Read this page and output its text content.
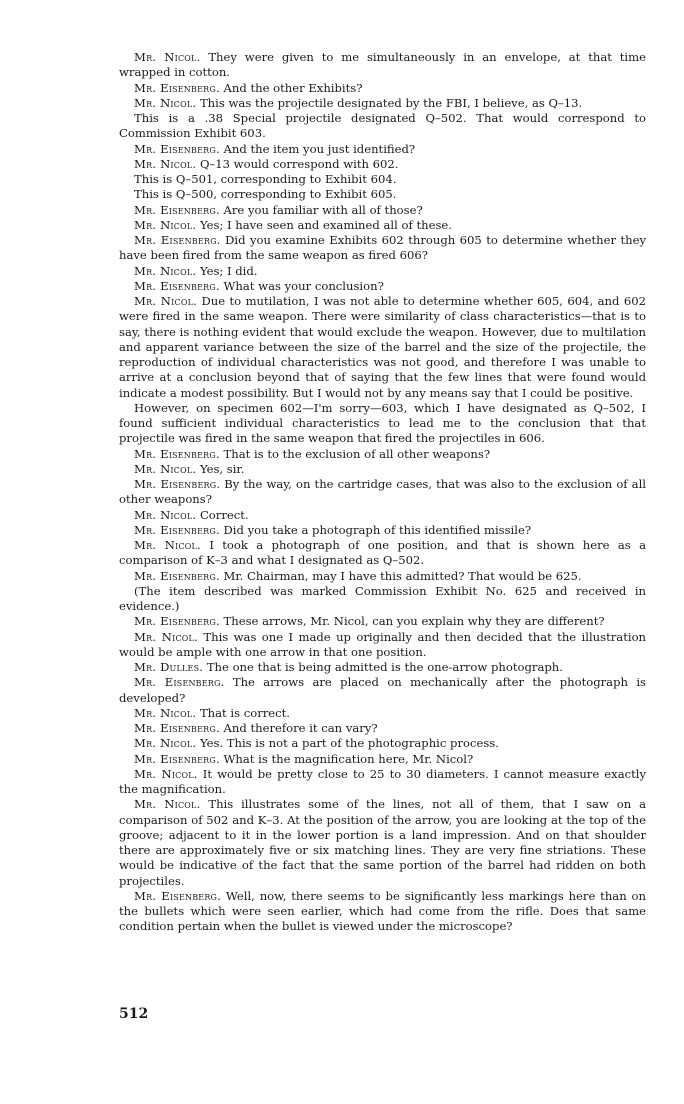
Mr. Nicol. They were given to me simultaneously in an envelope, at that time wrapped in cotton.

Mr. Eisenberg. And the other Exhibits?

Mr. Nicol. This was the projectile designated by the FBI, I believe, as Q–13.

This is a .38 Special projectile designated Q–502. That would correspond to Commission Exhibit 603.

Mr. Eisenberg. And the item you just identified?

Mr. Nicol. Q–13 would correspond with 602.

This is Q–501, corresponding to Exhibit 604.

This is Q–500, corresponding to Exhibit 605.

Mr. Eisenberg. Are you familiar with all of those?

Mr. Nicol. Yes; I have seen and examined all of these.

Mr. Eisenberg. Did you examine Exhibits 602 through 605 to determine whether they have been fired from the same weapon as fired 606?

Mr. Nicol. Yes; I did.

Mr. Eisenberg. What was your conclusion?

Mr. Nicol. Due to mutilation, I was not able to determine whether 605, 604, and 602 were fired in the same weapon. There were similarity of class characteristics—that is to say, there is nothing evident that would exclude the weapon. However, due to multilation and apparent variance between the size of the barrel and the size of the projectile, the reproduction of individual characteristics was not good, and therefore I was unable to arrive at a conclusion beyond that of saying that the few lines that were found would indicate a modest possibility. But I would not by any means say that I could be positive.

However, on specimen 602—I'm sorry—603, which I have designated as Q–502, I found sufficient individual characteristics to lead me to the conclusion that that projectile was fired in the same weapon that fired the projectiles in 606.

Mr. Eisenberg. That is to the exclusion of all other weapons?

Mr. Nicol. Yes, sir.

Mr. Eisenberg. By the way, on the cartridge cases, that was also to the exclusion of all other weapons?

Mr. Nicol. Correct.

Mr. Eisenberg. Did you take a photograph of this identified missile?

Mr. Nicol. I took a photograph of one position, and that is shown here as a comparison of K–3 and what I designated as Q–502.

Mr. Eisenberg. Mr. Chairman, may I have this admitted? That would be 625.

(The item described was marked Commission Exhibit No. 625 and received in evidence.)

Mr. Eisenberg. These arrows, Mr. Nicol, can you explain why they are different?

Mr. Nicol. This was one I made up originally and then decided that the illustration would be ample with one arrow in that one position.

Mr. Dulles. The one that is being admitted is the one-arrow photograph.

Mr. Eisenberg. The arrows are placed on mechanically after the photograph is developed?

Mr. Nicol. That is correct.

Mr. Eisenberg. And therefore it can vary?

Mr. Nicol. Yes. This is not a part of the photographic process.

Mr. Eisenberg. What is the magnification here, Mr. Nicol?

Mr. Nicol. It would be pretty close to 25 to 30 diameters. I cannot measure exactly the magnification.

Mr. Nicol. This illustrates some of the lines, not all of them, that I saw on a comparison of 502 and K–3. At the position of the arrow, you are looking at the top of the groove; adjacent to it in the lower portion is a land impression. And on that shoulder there are approximately five or six matching lines. They are very fine striations. These would be indicative of the fact that the same portion of the barrel had ridden on both projectiles.

Mr. Eisenberg. Well, now, there seems to be significantly less markings here than on the bullets which were seen earlier, which had come from the rifle. Does that same condition pertain when the bullet is viewed under the microscope?

512
